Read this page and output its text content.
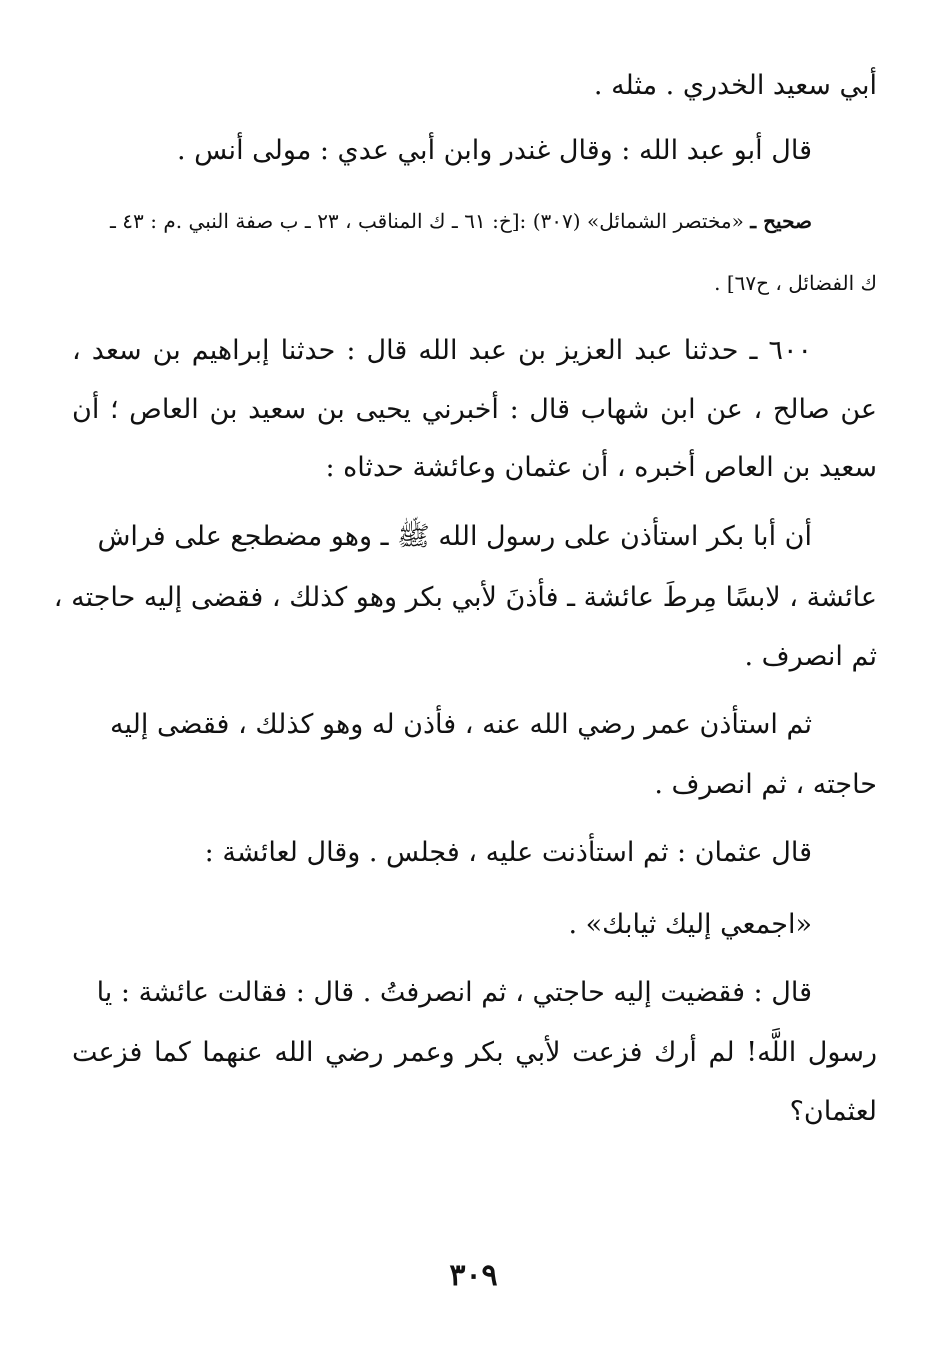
أبي سعيد الخدري . مثله .
قال أبو عبد الله : وقال غندر وابن أبي عدي : مولى أنس .
صحيح ـ «مختصر الشمائل» (٣٠٧) :[خ: ٦١ ـ ك المناقب ، ٢٣ ـ ب صفة النبي .م : ٤٣ ـ
ك الفضائل ، ح٦٧] .
٦٠٠ ـ حدثنا عبد العزيز بن عبد الله قال : حدثنا إبراهيم بن سعد ،
عن صالح ، عن ابن شهاب قال : أخبرني يحيى بن سعيد بن العاص ؛ أن
سعيد بن العاص أخبره ، أن عثمان وعائشة حدثاه :
أن أبا بكر استأذن على رسول الله ﷺ ـ وهو مضطجع على فراش
عائشة ، لابسًا مِرطَ عائشة ـ فأذنَ لأبي بكر وهو كذلك ، فقضى إليه حاجته ،
ثم انصرف .
ثم استأذن عمر رضي الله عنه ، فأذن له وهو كذلك ، فقضى إليه
حاجته ، ثم انصرف .
قال عثمان : ثم استأذنت عليه ، فجلس . وقال لعائشة :
«اجمعي إليك ثيابك» .
قال : فقضيت إليه حاجتي ، ثم انصرفتُ . قال : فقالت عائشة : يا
رسول اللَّه! لم أرك فزعت لأبي بكر وعمر رضي الله عنهما كما فزعت
لعثمان؟
٣٠٩
